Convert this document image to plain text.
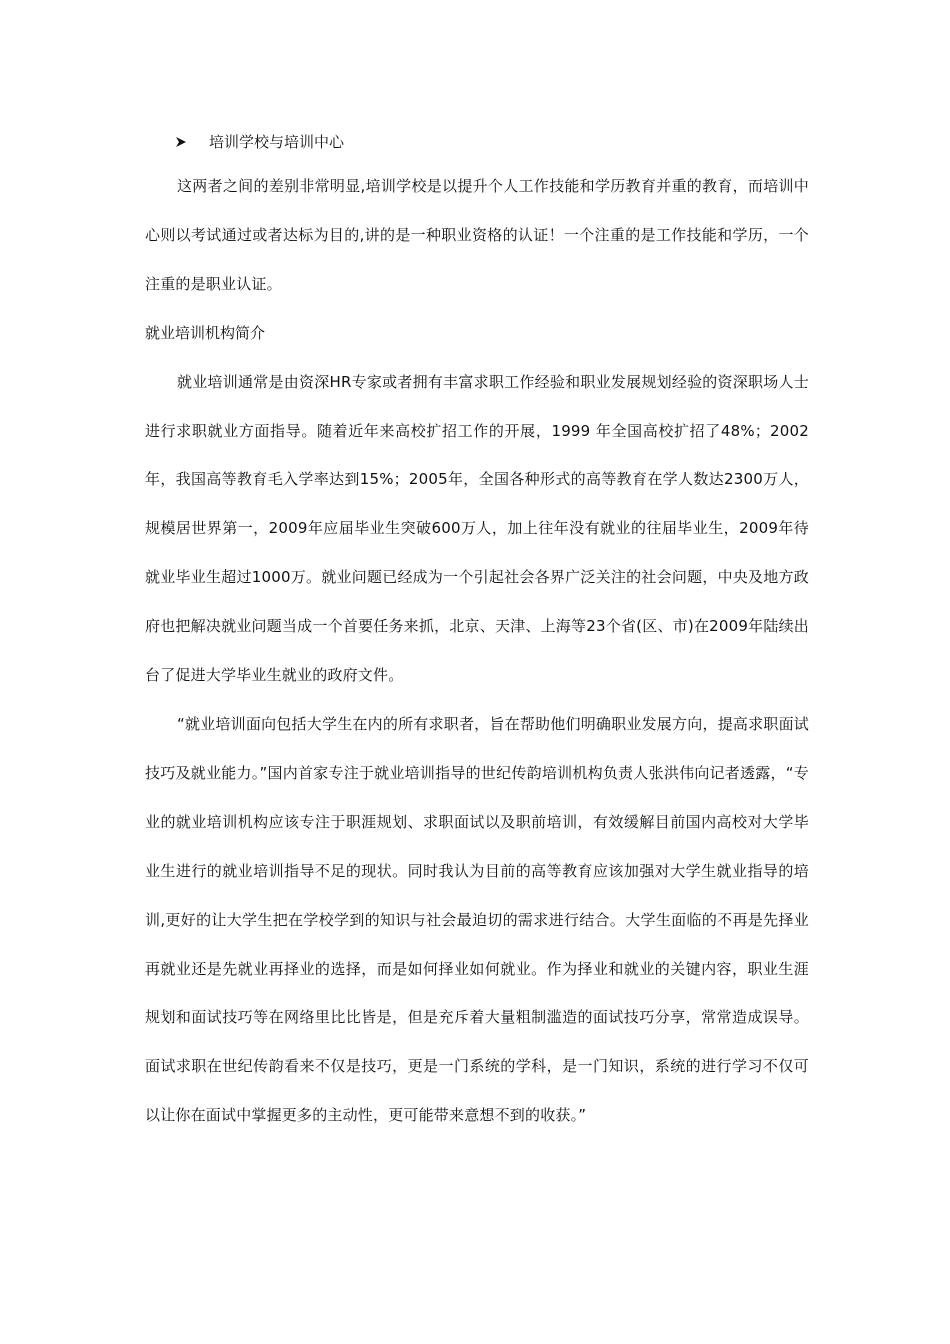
培训学校与培训中心

这两者之间的差别非常明显,培训学校是以提升个人工作技能和学历教育并重的教育，而培训中心则以考试通过或者达标为目的,讲的是一种职业资格的认证！一个注重的是工作技能和学历，一个注重的是职业认证。

就业培训机构简介

就业培训通常是由资深HR专家或者拥有丰富求职工作经验和职业发展规划经验的资深职场人士进行求职就业方面指导。随着近年来高校扩招工作的开展，1999 年全国高校扩招了48%；2002年，我国高等教育毛入学率达到15%；2005年，全国各种形式的高等教育在学人数达2300万人，规模居世界第一，2009年应届毕业生突破600万人，加上往年没有就业的往届毕业生，2009年待就业毕业生超过1000万。就业问题已经成为一个引起社会各界广泛关注的社会问题，中央及地方政府也把解决就业问题当成一个首要任务来抓，北京、天津、上海等23个省(区、市)在2009年陆续出台了促进大学毕业生就业的政府文件。

“就业培训面向包括大学生在内的所有求职者，旨在帮助他们明确职业发展方向，提高求职面试技巧及就业能力。”国内首家专注于就业培训指导的世纪传韵培训机构负责人张洪伟向记者透露，“专业的就业培训机构应该专注于职涯规划、求职面试以及职前培训，有效缓解目前国内高校对大学毕业生进行的就业培训指导不足的现状。同时我认为目前的高等教育应该加强对大学生就业指导的培训,更好的让大学生把在学校学到的知识与社会最迫切的需求进行结合。大学生面临的不再是先择业再就业还是先就业再择业的选择，而是如何择业如何就业。作为择业和就业的关键内容，职业生涯规划和面试技巧等在网络里比比皆是，但是充斥着大量粗制滥造的面试技巧分享，常常造成误导。面试求职在世纪传韵看来不仅是技巧，更是一门系统的学科，是一门知识，系统的进行学习不仅可以让你在面试中掌握更多的主动性，更可能带来意想不到的收获。”
